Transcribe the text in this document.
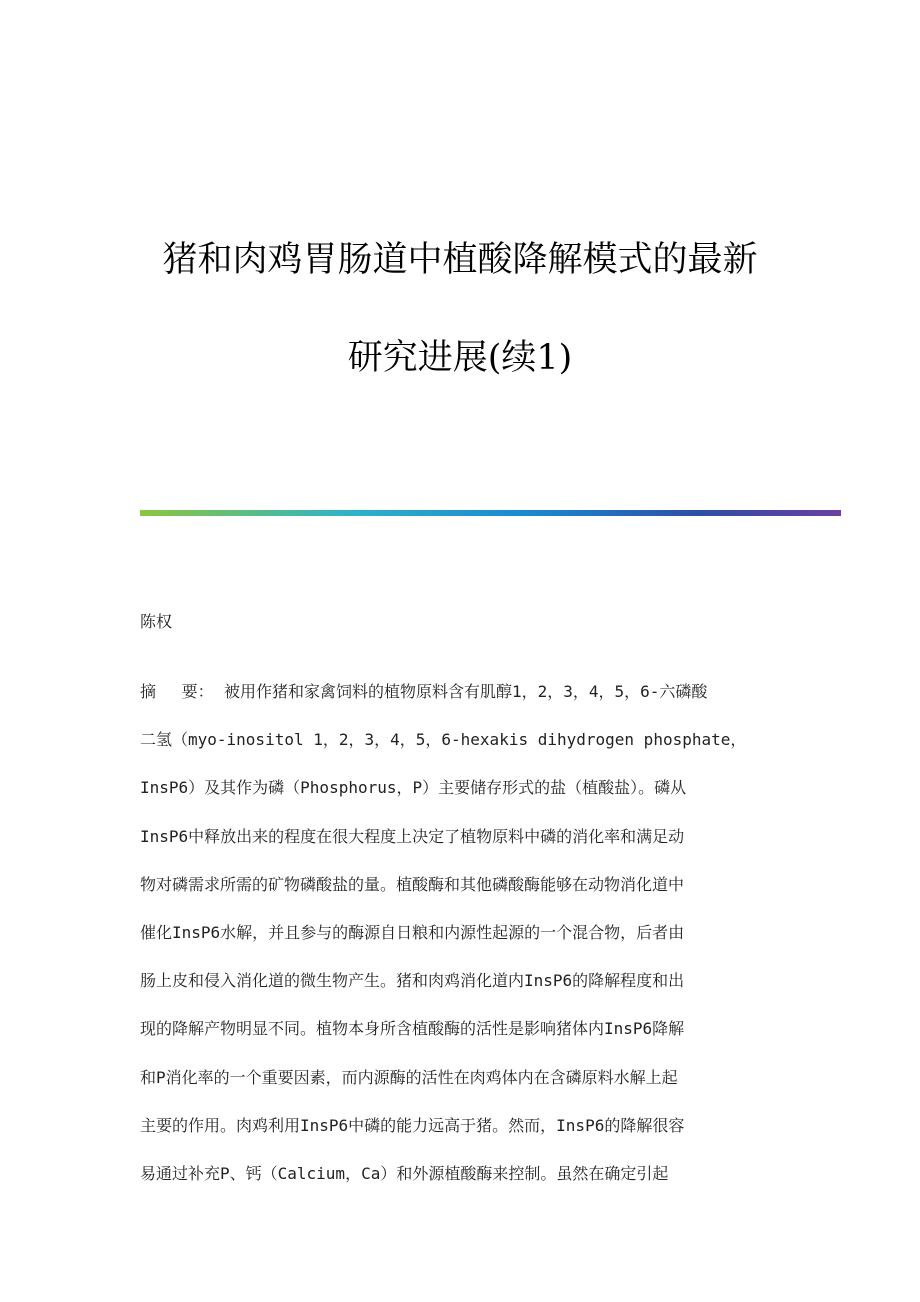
猪和肉鸡胃肠道中植酸降解模式的最新
研究进展(续1)
陈权
摘　 要： 被用作猪和家禽饲料的植物原料含有肌醇1，2，3，4，5，6-六磷酸
二氢（myo-inositol 1，2，3，4，5，6-hexakis dihydrogen phosphate，
InsP6）及其作为磷（Phosphorus，P）主要储存形式的盐（植酸盐）。磷从
InsP6中释放出来的程度在很大程度上决定了植物原料中磷的消化率和满足动
物对磷需求所需的矿物磷酸盐的量。植酸酶和其他磷酸酶能够在动物消化道中
催化InsP6水解，并且参与的酶源自日粮和内源性起源的一个混合物，后者由
肠上皮和侵入消化道的微生物产生。猪和肉鸡消化道内InsP6的降解程度和出
现的降解产物明显不同。植物本身所含植酸酶的活性是影响猪体内InsP6降解
和P消化率的一个重要因素，而内源酶的活性在肉鸡体内在含磷原料水解上起
主要的作用。肉鸡利用InsP6中磷的能力远高于猪。然而，InsP6的降解很容
易通过补充P、钙（Calcium，Ca）和外源植酸酶来控制。虽然在确定引起
